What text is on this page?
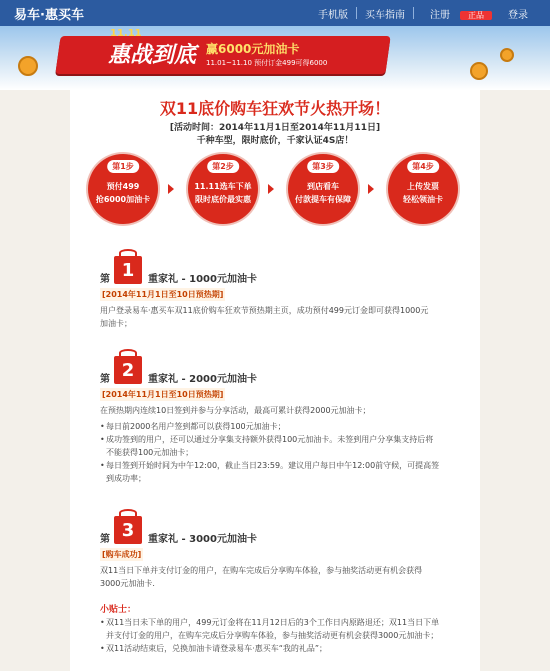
易车·惠买车	手机版	买车指南	注册 正品	登录
11.11
惠战到底 赢6000元加油卡
11.01~11.10 预付订金499可得6000
双11底价购车狂欢节火热开场！
[活动时间：2014年11月1日至2014年11月11日]
千种车型，限时底价，千家认证4S店！
第1步
预付499
抢6000加油卡
第2步
11.11选车下单
限时底价最实惠
第3步
到店看车
付款提车有保障
第4步
上传发票
轻松领油卡
第 1	重家礼 - 1000元加油卡
[2014年11月1日至10日预热期]
用户登录易车·惠买车双11底价购车狂欢节预热期主页，成功预付499元订金即可获得1000元加油卡；
第 2	重家礼 - 2000元加油卡
[2014年11月1日至10日预热期]
在预热期内连续10日签到并参与分享活动，最高可累计获得2000元加油卡；
• 每日前2000名用户签到都可以获得100元加油卡；
• 成功签到的用户，还可以通过分享集支持额外获得100元加油卡。未签到用户分享集支持后将不能获得100元加油卡；
• 每日签到开始时间为中午12:00，截止当日23:59。建议用户每日中午12:00前守候，可提高签到成功率；
第 3	重家礼 - 3000元加油卡
[购车成功]
双11当日下单并支付订金的用户，在购车完成后分享购车体验，参与抽奖活动更有机会获得3000元加油卡.
小贴士：
• 双11当日未下单的用户，499元订金将在11月12日后的3个工作日内原路退还；双11当日下单并支付订金的用户，在购车完成后分享购车体验，参与抽奖活动更有机会获得3000元加油卡；
• 双11活动结束后，兑换加油卡请登录易车·惠买车“我的礼品”；
